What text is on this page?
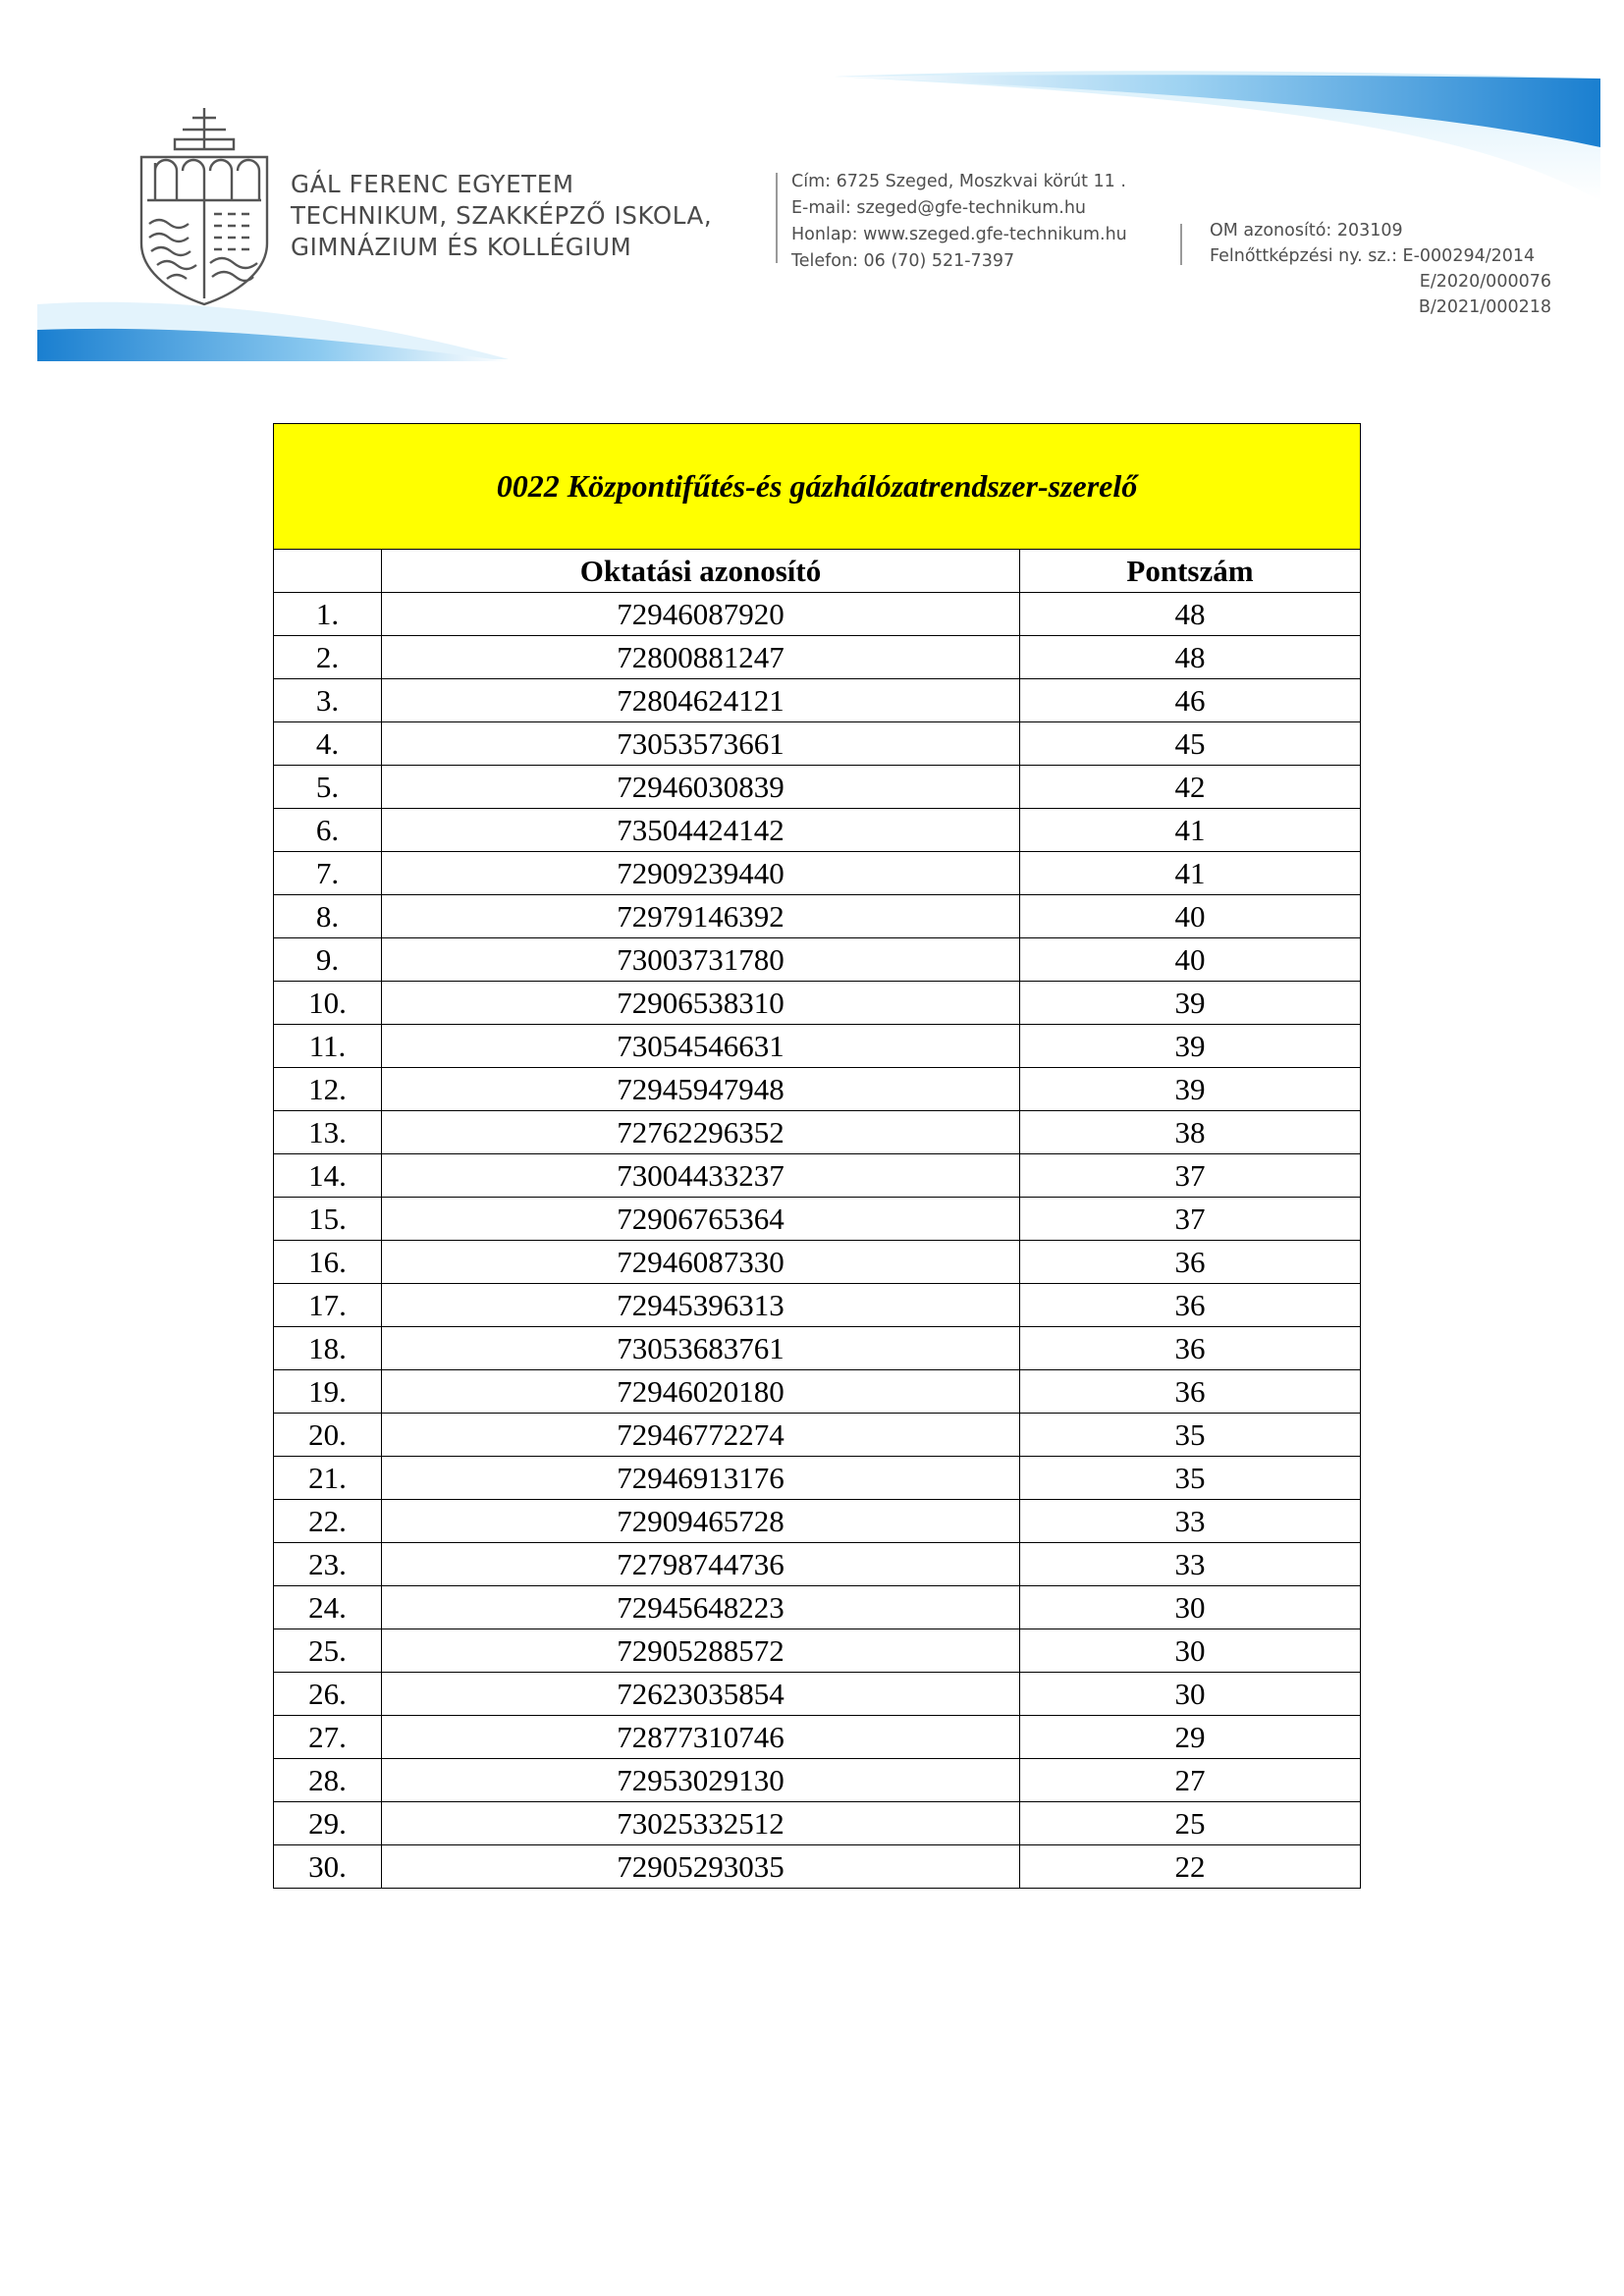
GÁL FERENC EGYETEM
TECHNIKUM, SZAKKÉPZŐ ISKOLA,
GIMNÁZIUM ÉS KOLLÉGIUM
Cím: 6725 Szeged, Moszkvai körút 11 .
E-mail: szeged@gfe-technikum.hu
Honlap: www.szeged.gfe-technikum.hu
Telefon: 06 (70) 521-7397
OM azonosító: 203109
Felnőttképzési ny. sz.: E-000294/2014
E/2020/000076
B/2021/000218
0022 Központifűtés-és gázhálózatrendszer-szerelő		
	Oktatási azonosító	Pontszám
1.	72946087920	48
2.	72800881247	48
3.	72804624121	46
4.	73053573661	45
5.	72946030839	42
6.	73504424142	41
7.	72909239440	41
8.	72979146392	40
9.	73003731780	40
10.	72906538310	39
11.	73054546631	39
12.	72945947948	39
13.	72762296352	38
14.	73004433237	37
15.	72906765364	37
16.	72946087330	36
17.	72945396313	36
18.	73053683761	36
19.	72946020180	36
20.	72946772274	35
21.	72946913176	35
22.	72909465728	33
23.	72798744736	33
24.	72945648223	30
25.	72905288572	30
26.	72623035854	30
27.	72877310746	29
28.	72953029130	27
29.	73025332512	25
30.	72905293035	22
